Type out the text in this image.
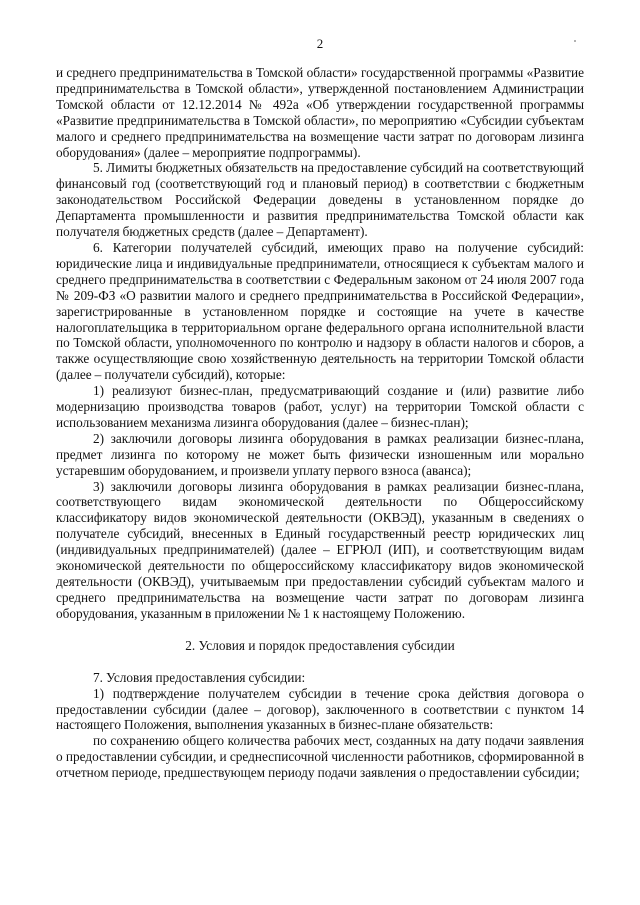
2

и среднего предпринимательства в Томской области» государственной программы «Развитие предпринимательства в Томской области», утвержденной постановлением Администрации Томской области от 12.12.2014 № 492а «Об утверждении государственной программы «Развитие предпринимательства в Томской области», по мероприятию «Субсидии субъектам малого и среднего предпринимательства на возмещение части затрат по договорам лизинга оборудования» (далее – мероприятие подпрограммы).

5. Лимиты бюджетных обязательств на предоставление субсидий на соответствующий финансовый год (соответствующий год и плановый период) в соответствии с бюджетным законодательством Российской Федерации доведены в установленном порядке до Департамента промышленности и развития предпринимательства Томской области как получателя бюджетных средств (далее – Департамент).

6. Категории получателей субсидий, имеющих право на получение субсидий: юридические лица и индивидуальные предприниматели, относящиеся к субъектам малого и среднего предпринимательства в соответствии с Федеральным законом от 24 июля 2007 года № 209-ФЗ «О развитии малого и среднего предпринимательства в Российской Федерации», зарегистрированные в установленном порядке и состоящие на учете в качестве налогоплательщика в территориальном органе федерального органа исполнительной власти по Томской области, уполномоченного по контролю и надзору в области налогов и сборов, а также осуществляющие свою хозяйственную деятельность на территории Томской области (далее – получатели субсидий), которые:

1) реализуют бизнес-план, предусматривающий создание и (или) развитие либо модернизацию производства товаров (работ, услуг) на территории Томской области с использованием механизма лизинга оборудования (далее – бизнес-план);

2) заключили договоры лизинга оборудования в рамках реализации бизнес-плана, предмет лизинга по которому не может быть физически изношенным или морально устаревшим оборудованием, и произвели уплату первого взноса (аванса);

3) заключили договоры лизинга оборудования в рамках реализации бизнес-плана, соответствующего видам экономической деятельности по Общероссийскому классификатору видов экономической деятельности (ОКВЭД), указанным в сведениях о получателе субсидий, внесенных в Единый государственный реестр юридических лиц (индивидуальных предпринимателей) (далее – ЕГРЮЛ (ИП), и соответствующим видам экономической деятельности по общероссийскому классификатору видов экономической деятельности (ОКВЭД), учитываемым при предоставлении субсидий субъектам малого и среднего предпринимательства на возмещение части затрат по договорам лизинга оборудования, указанным в приложении № 1 к настоящему Положению.

2. Условия и порядок предоставления субсидии

7. Условия предоставления субсидии:

1) подтверждение получателем субсидии в течение срока действия договора о предоставлении субсидии (далее – договор), заключенного в соответствии с пунктом 14 настоящего Положения, выполнения указанных в бизнес-плане обязательств:

по сохранению общего количества рабочих мест, созданных на дату подачи заявления о предоставлении субсидии, и среднесписочной численности работников, сформированной в отчетном периоде, предшествующем периоду подачи заявления о предоставлении субсидии;
